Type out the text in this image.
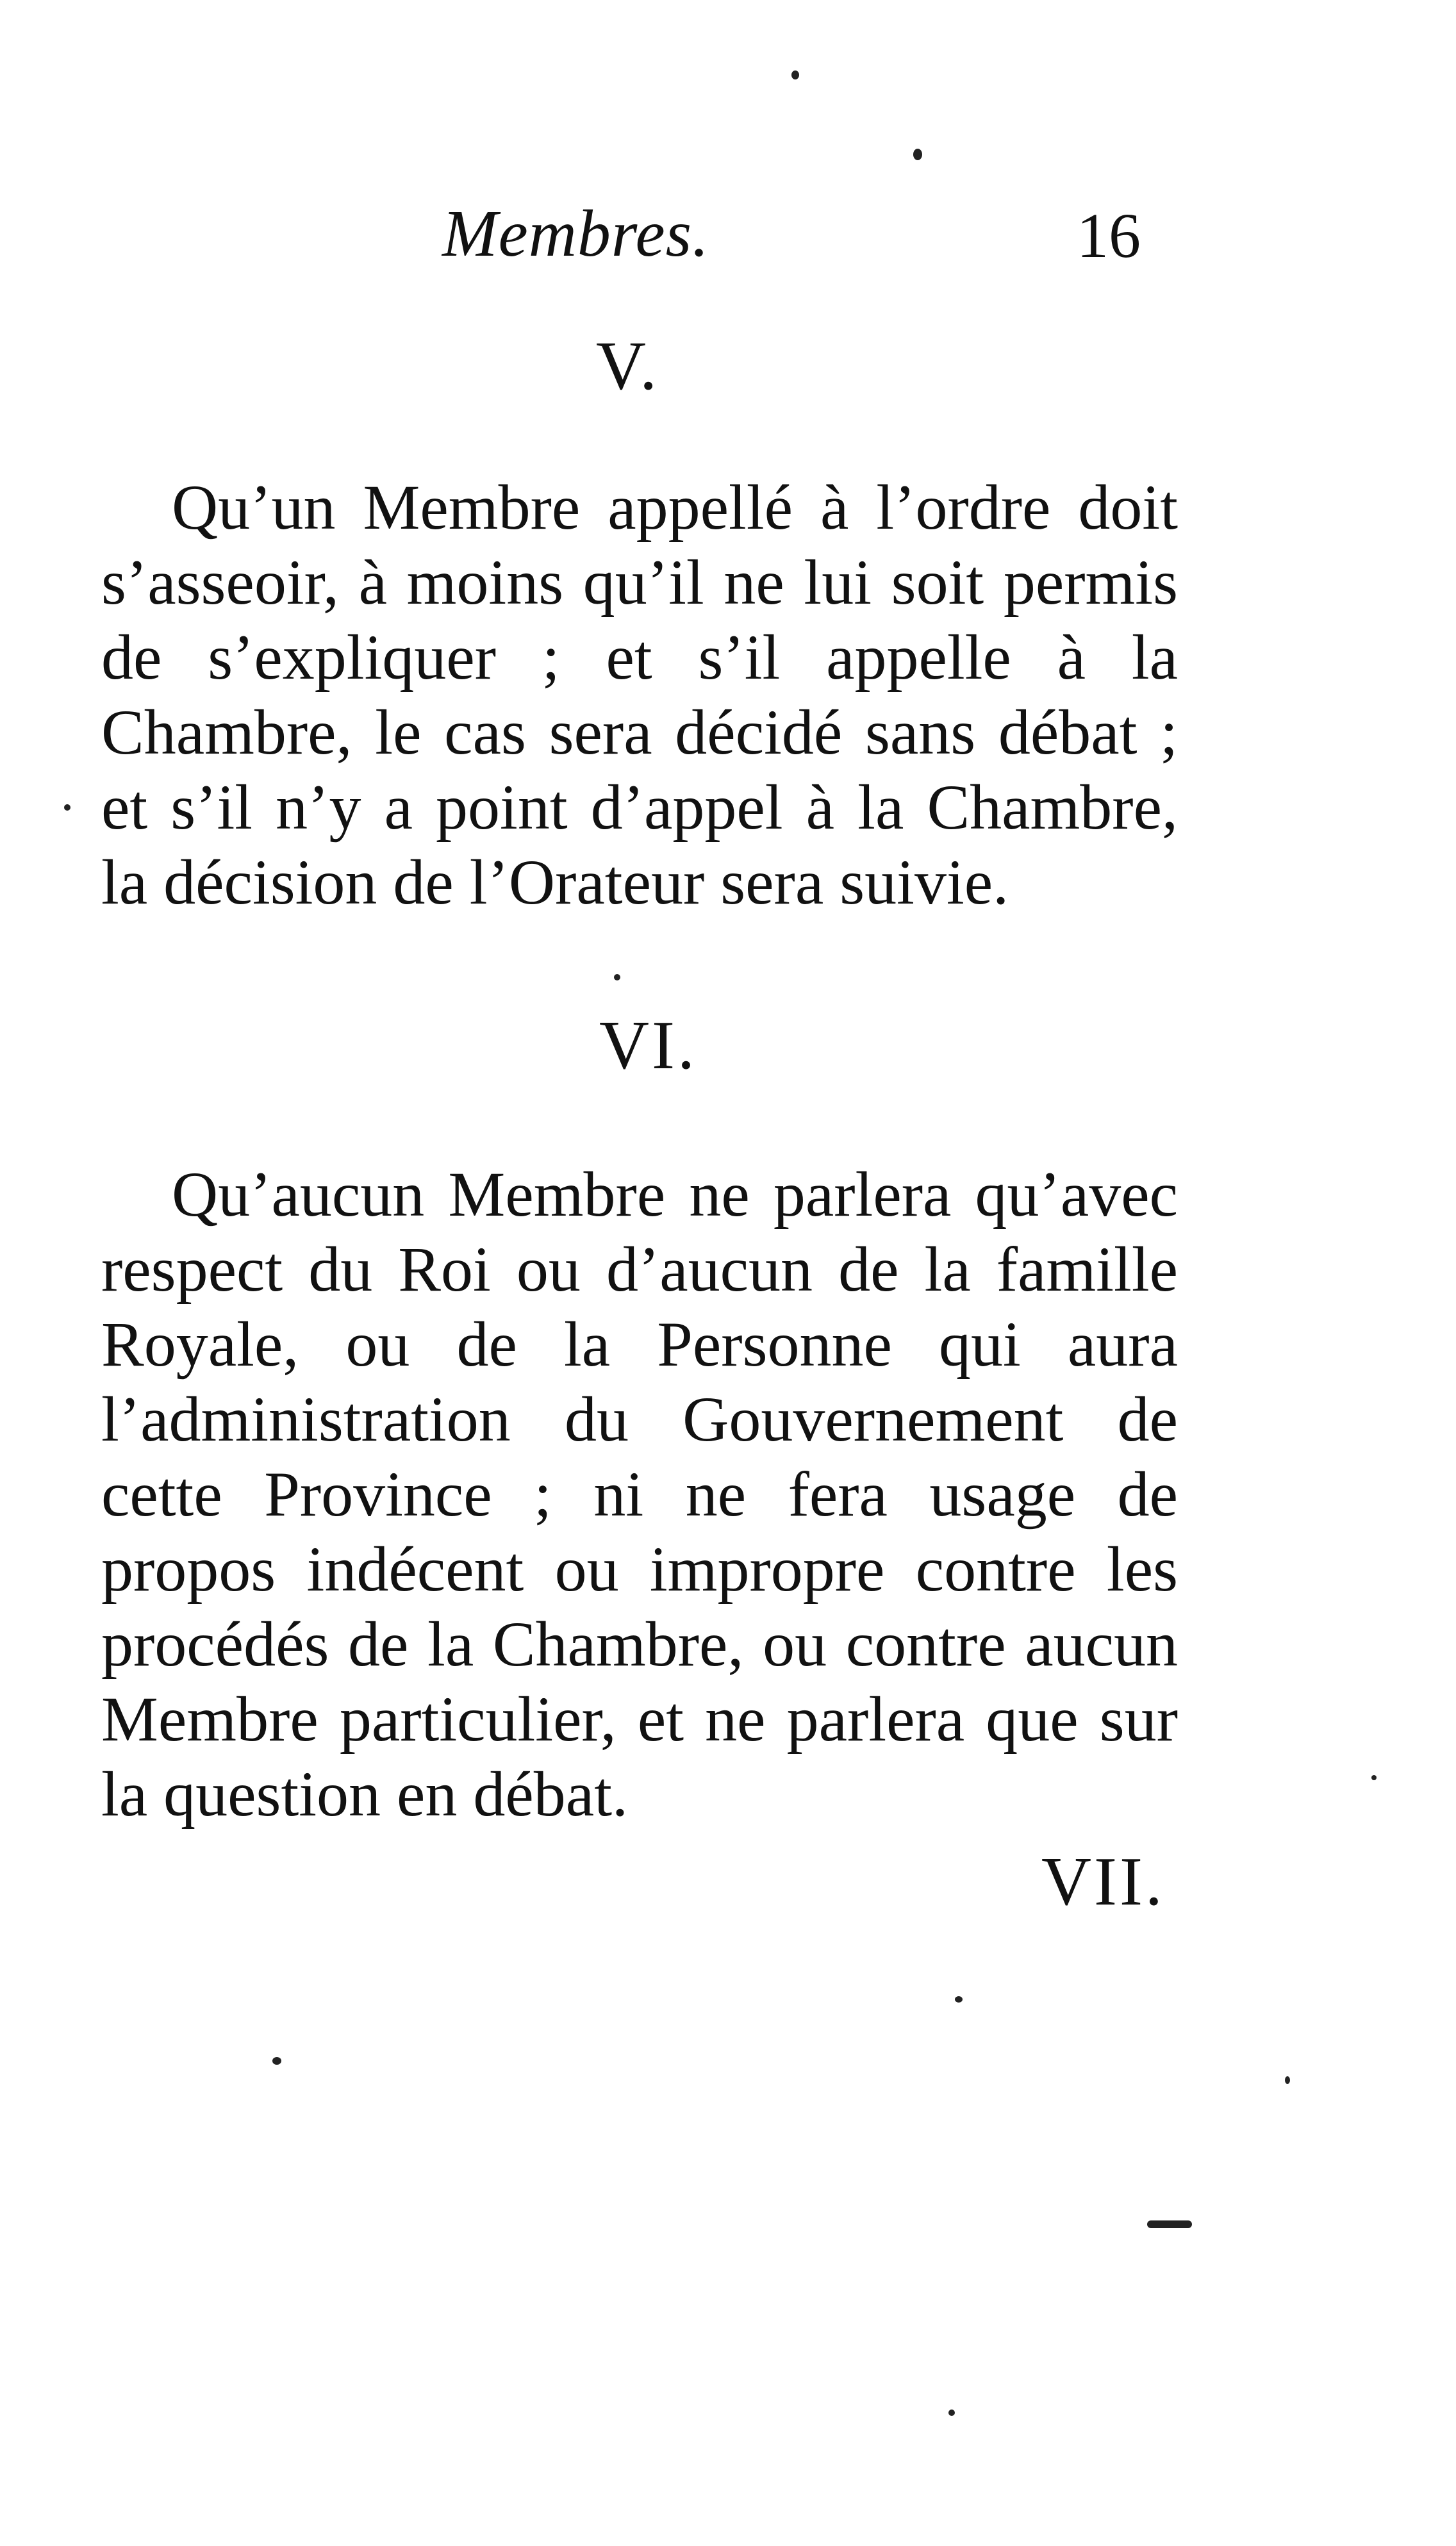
Membres.	16
V.
Qu’un Membre appellé à l’ordre doit s’asseoir, à moins qu’il ne lui soit permis de s’expliquer ; et s’il appelle à la Chambre, le cas sera décidé sans débat ; et s’il n’y a point d’appel à la Chambre, la décision de l’Orateur sera suivie.
VI.
Qu’aucun Membre ne parlera qu’avec respect du Roi ou d’aucun de la famille Royale, ou de la Personne qui aura l’administration du Gouvernement de cette Province ; ni ne fera usage de propos indécent ou impropre contre les procédés de la Chambre, ou contre aucun Membre particulier, et ne parlera que sur la question en débat.
VII.
